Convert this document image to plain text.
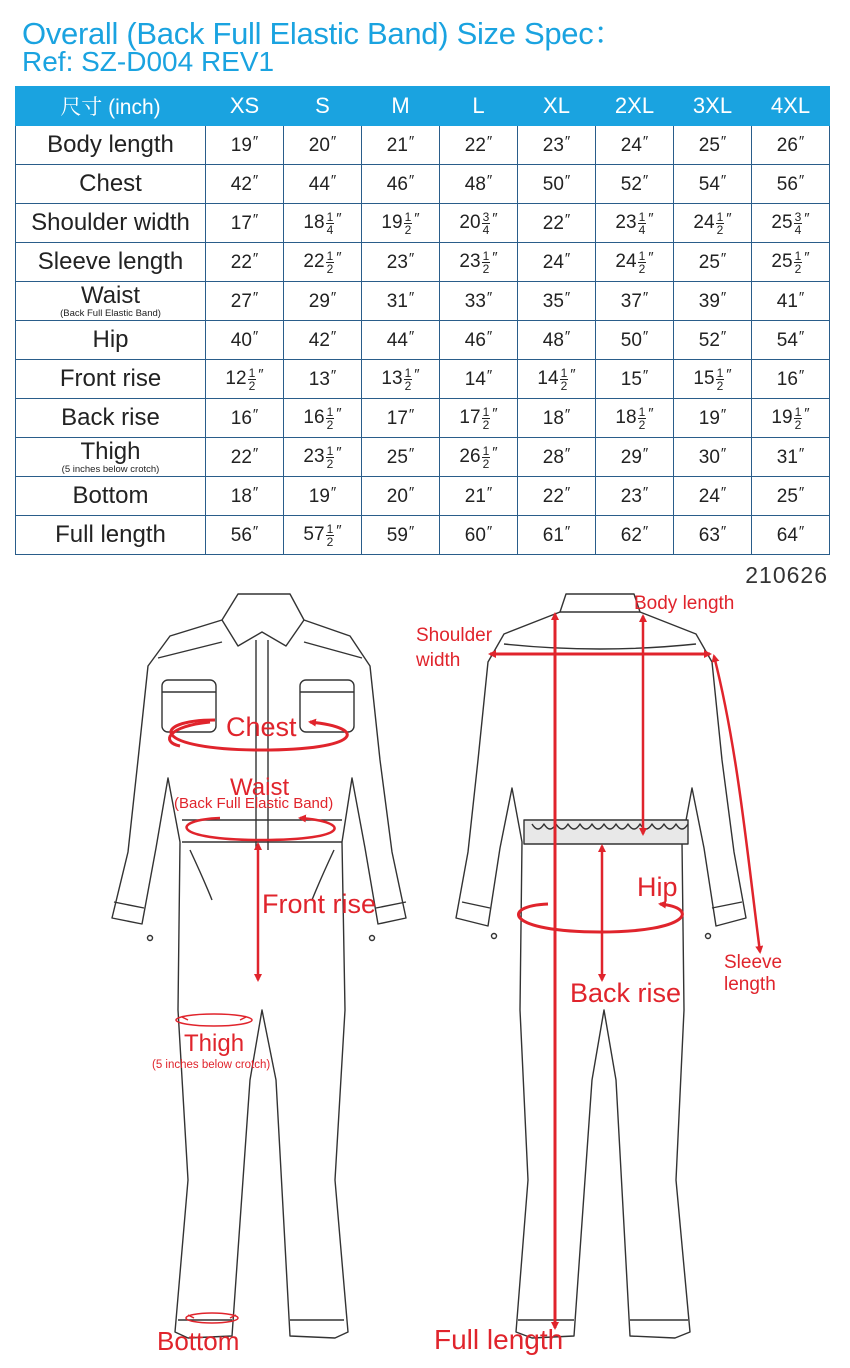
Overall (Back Full Elastic Band) Size Spec：
Ref: SZ-D004 REV1
尺寸 (inch)	XS	S	M	L	XL	2XL	3XL	4XL
Body length	19″	20″	21″	22″	23″	24″	25″	26″
Chest	42″	44″	46″	48″	50″	52″	54″	56″
Shoulder width	17″	$18 \frac{1}{4} ''$	$19 \frac{1}{2} ''$	$20 \frac{3}{4} ''$	22″	$23 \frac{1}{4} ''$	$24 \frac{1}{2} ''$	$25 \frac{3}{4} ''$
Sleeve length	22″	$22 \frac{1}{2} ''$	23″	$23 \frac{1}{2} ''$	24″	$24 \frac{1}{2} ''$	25″	$25 \frac{1}{2} ''$
Waist
(Back Full Elastic Band)	27″	29″	31″	33″	35″	37″	39″	41″
Hip	40″	42″	44″	46″	48″	50″	52″	54″
Front rise	$12 \frac{1}{2} ''$	13″	$13 \frac{1}{2} ''$	14″	$14 \frac{1}{2} ''$	15″	$15 \frac{1}{2} ''$	16″
Back rise	16″	$16 \frac{1}{2} ''$	17″	$17 \frac{1}{2} ''$	18″	$18 \frac{1}{2} ''$	19″	$19 \frac{1}{2} ''$
Thigh
(5 inches below crotch)	22″	$23 \frac{1}{2} ''$	25″	$26 \frac{1}{2} ''$	28″	29″	30″	31″
Bottom	18″	19″	20″	21″	22″	23″	24″	25″
Full length	56″	$57 \frac{1}{2} ''$	59″	60″	61″	62″	63″	64″
210626
Chest
Waist
(Back Full Elastic Band)
Front rise
Thigh
(5 inches below crotch)
Bottom
Body length
Shoulder
width
Hip
Sleeve
length
Back rise
Full length
